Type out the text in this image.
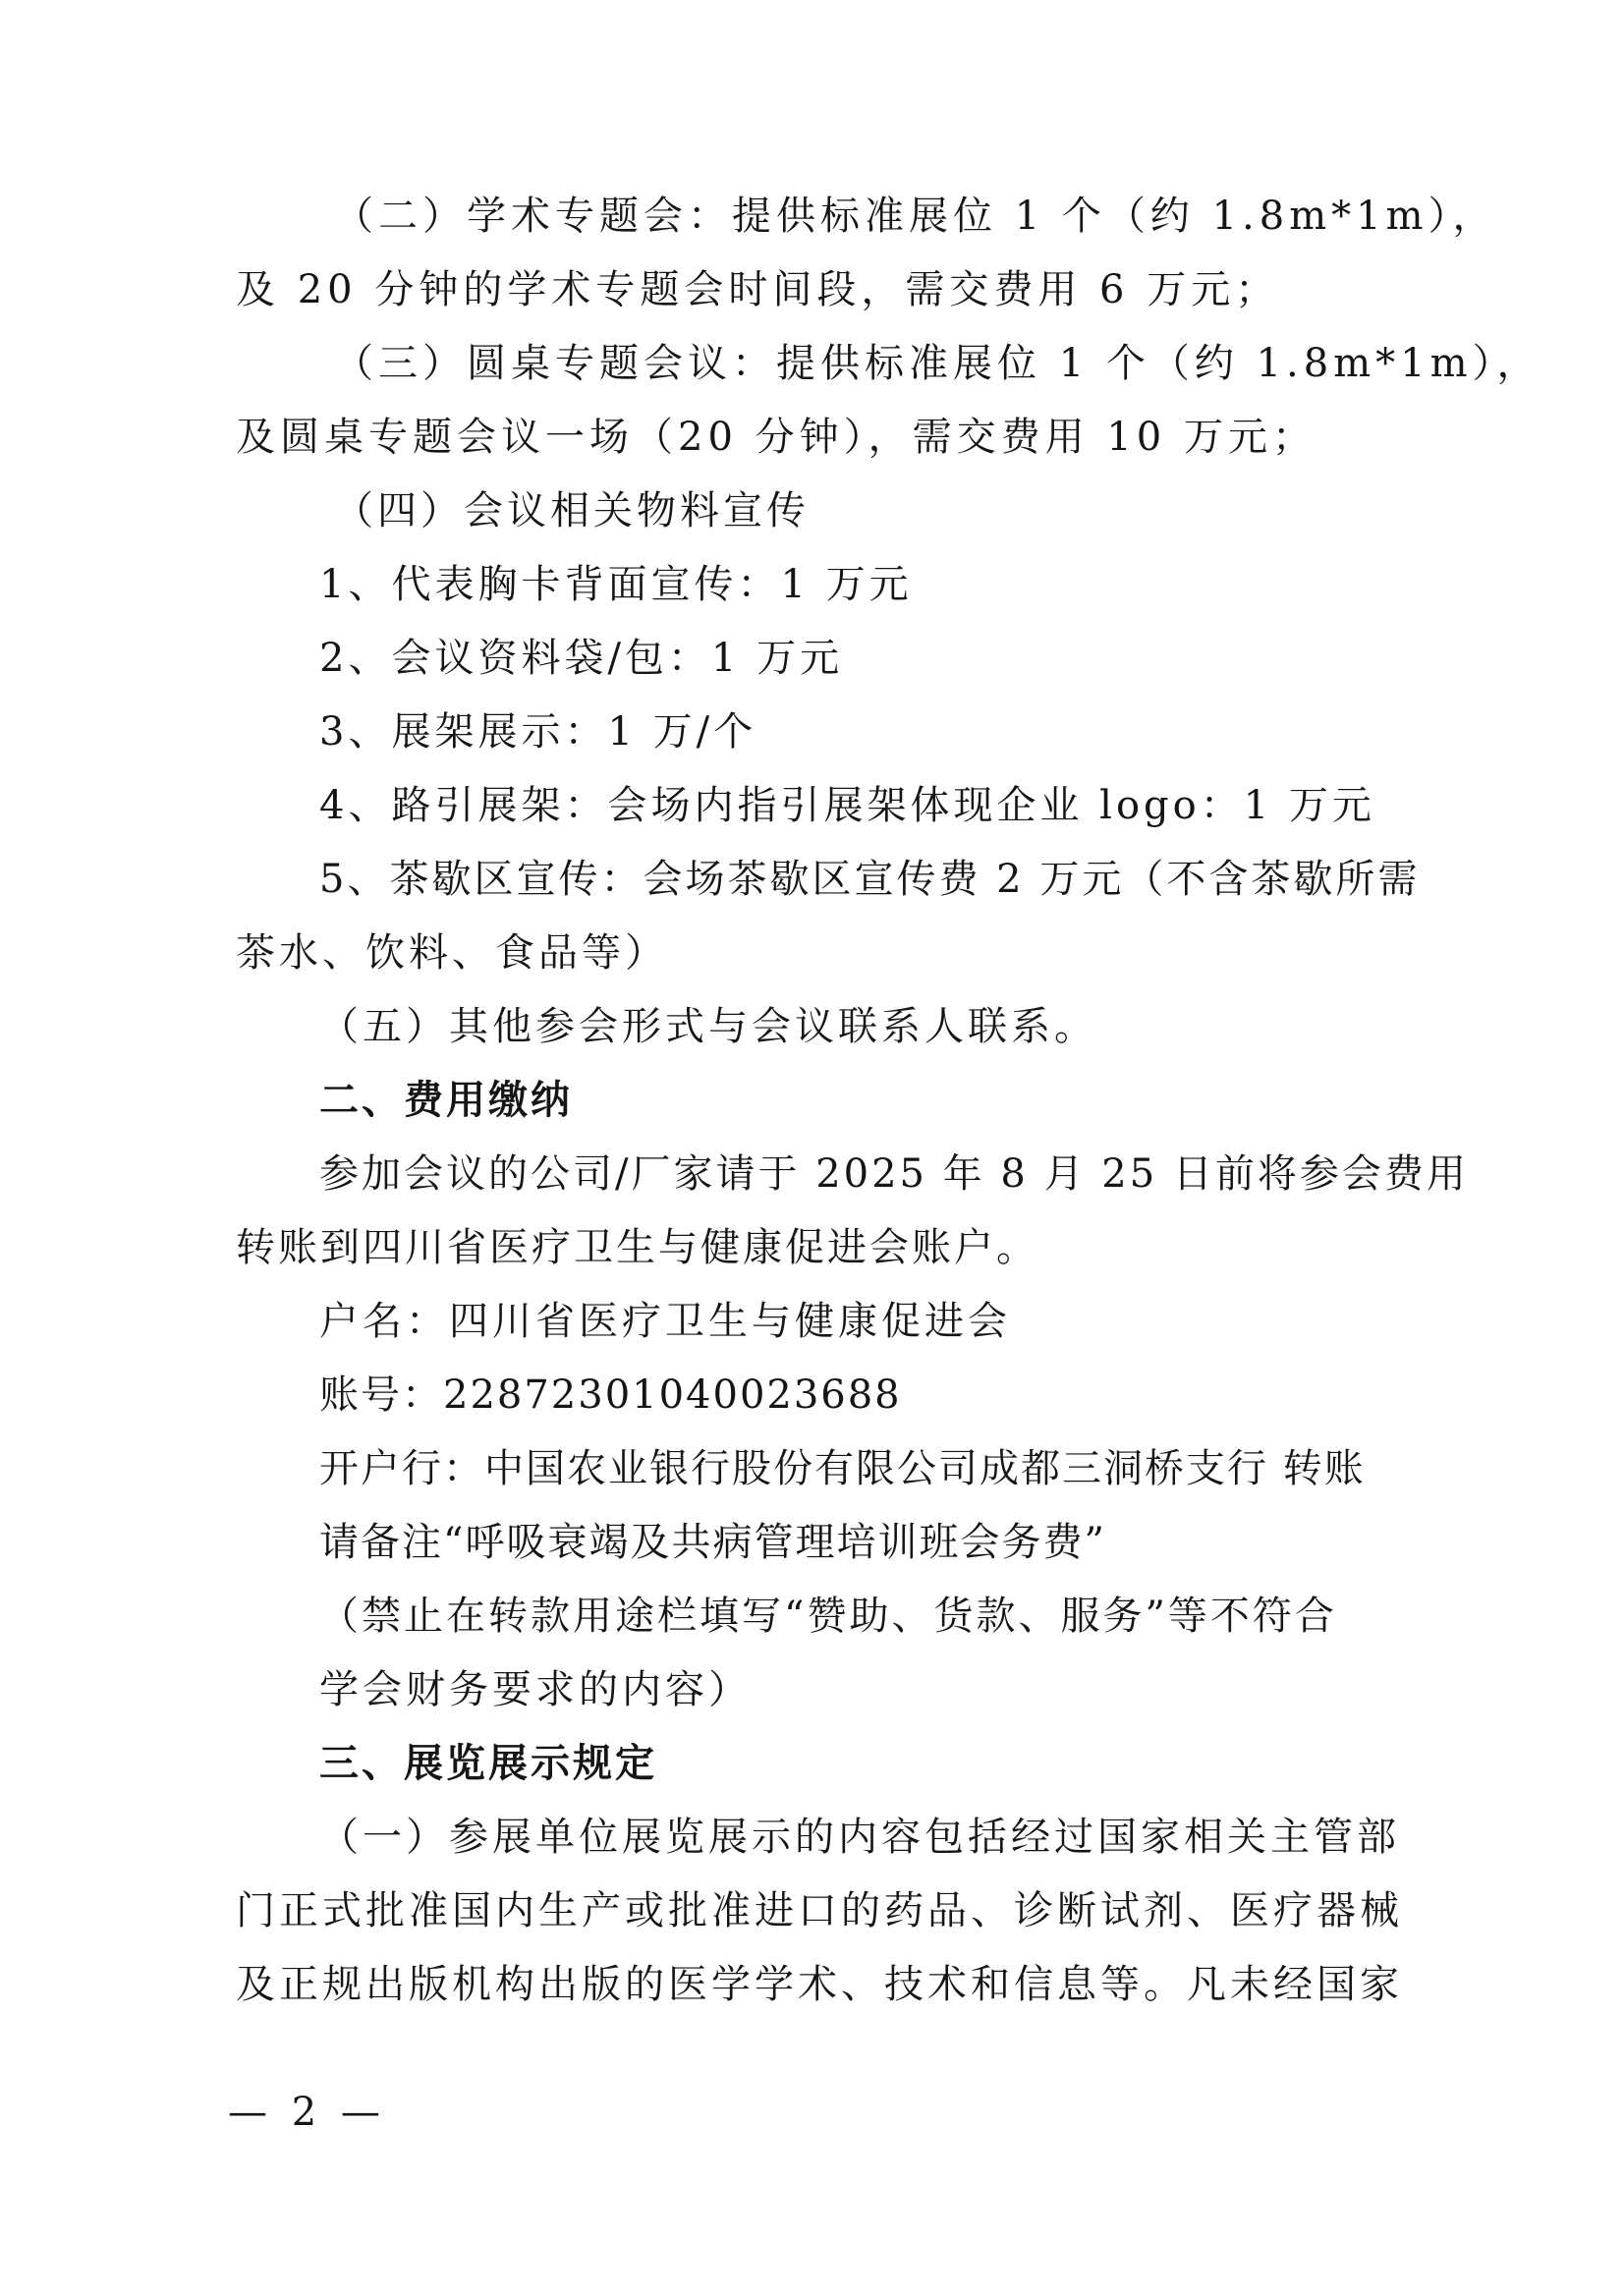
（二）学术专题会：提供标准展位 1 个（约 1.8m*1m），
及 20 分钟的学术专题会时间段，需交费用 6 万元；
（三）圆桌专题会议：提供标准展位 1 个（约 1.8m*1m），
及圆桌专题会议一场（20 分钟），需交费用 10 万元；
（四）会议相关物料宣传
1、代表胸卡背面宣传：1 万元
2、会议资料袋/包：1 万元
3、展架展示：1 万/个
4、路引展架：会场内指引展架体现企业 logo：1 万元
5、茶歇区宣传：会场茶歇区宣传费 2 万元（不含茶歇所需
茶水、饮料、食品等）
（五）其他参会形式与会议联系人联系。
二、费用缴纳
参加会议的公司/厂家请于 2025 年 8 月 25 日前将参会费用
转账到四川省医疗卫生与健康促进会账户。
户名：四川省医疗卫生与健康促进会
账号：22872301040023688
开户行：中国农业银行股份有限公司成都三洞桥支行 转账
请备注“呼吸衰竭及共病管理培训班会务费”
（禁止在转款用途栏填写“赞助、货款、服务”等不符合
学会财务要求的内容）
三、展览展示规定
（一）参展单位展览展示的内容包括经过国家相关主管部
门正式批准国内生产或批准进口的药品、诊断试剂、医疗器械
及正规出版机构出版的医学学术、技术和信息等。凡未经国家
— 2 —
